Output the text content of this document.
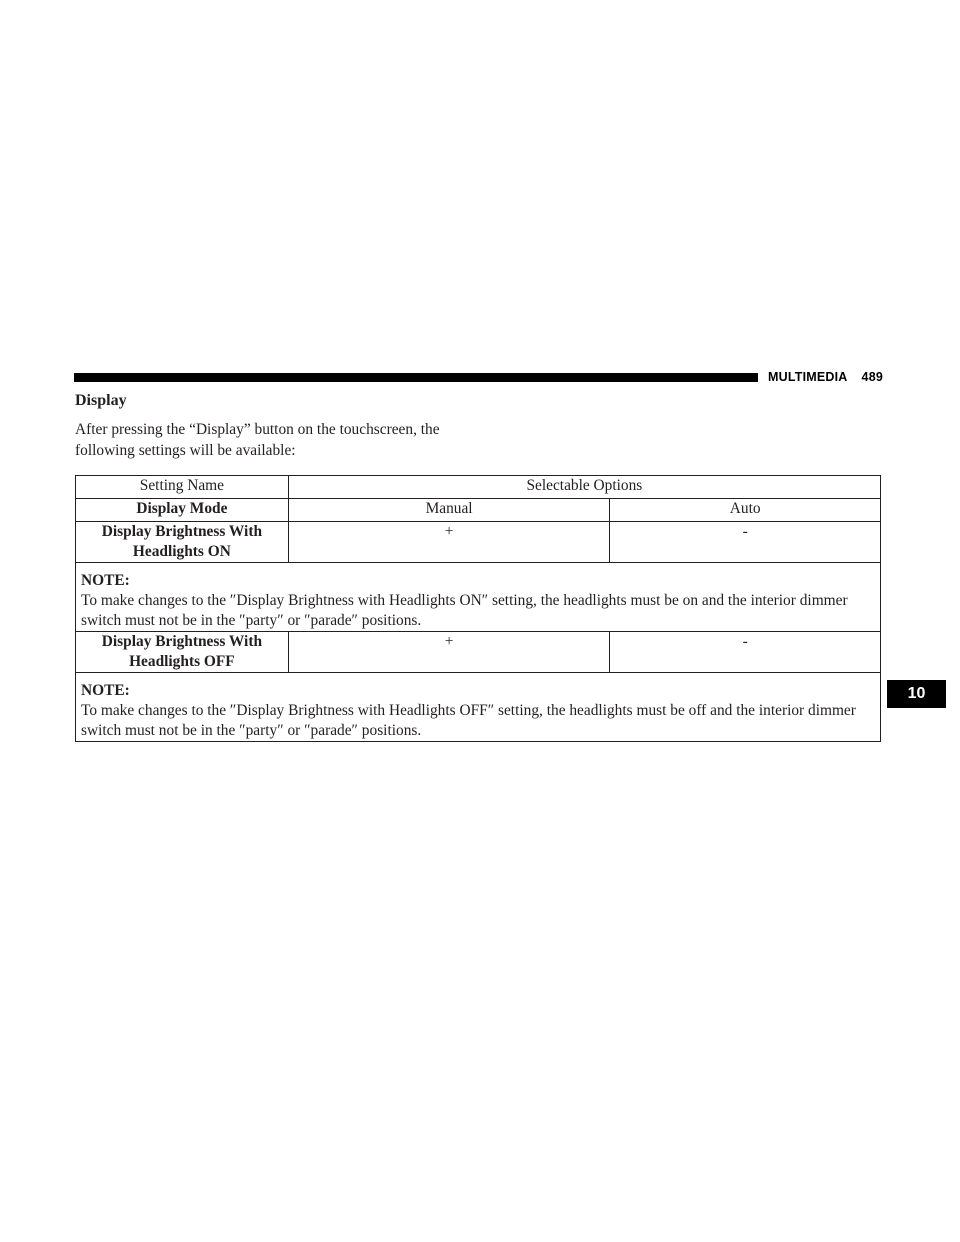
MULTIMEDIA 489
Display

After pressing the “Display” button on the touchscreen, the following settings will be available:

Setting Name	Selectable Options	
Display Mode	Manual	Auto
Display Brightness With Headlights ON	+	-

NOTE:
To make changes to the ″Display Brightness with Headlights ON″ setting, the headlights must be on and the interior dimmer switch must not be in the ″party″ or ″parade″ positions.		
Display Brightness With Headlights OFF	+	-

NOTE:
To make changes to the ″Display Brightness with Headlights OFF″ setting, the headlights must be off and the interior dimmer switch must not be in the ″party″ or ″parade″ positions.		
10
